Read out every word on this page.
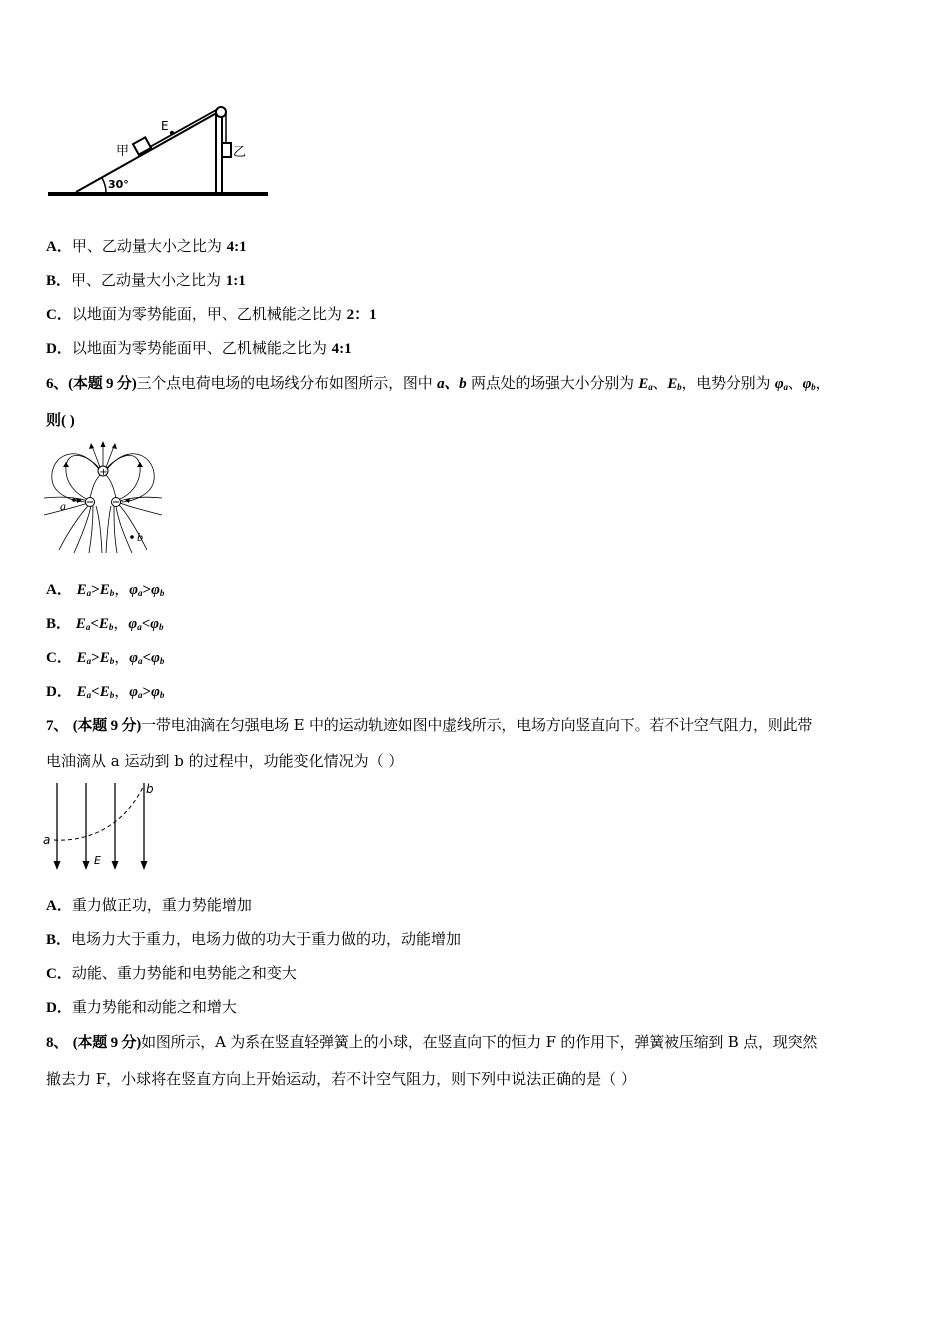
甲
E
乙
30°
A．甲、乙动量大小之比为 4:1
B．甲、乙动量大小之比为 1:1
C．以地面为零势能面，甲、乙机械能之比为 2：1
D．以地面为零势能面甲、乙机械能之比为 4:1
6、(本题 9 分)三个点电荷电场的电场线分布如图所示，图中 a、b 两点处的场强大小分别为 $E_a$、$E_b$，电势分别为 $\varphi_a$、$\varphi_b$，
则( )
+
a
b
A． $E_a>E_b$，$\varphi_a>\varphi_b$
B． $E_a<E_b$，$\varphi_a<\varphi_b$
C． $E_a>E_b$，$\varphi_a<\varphi_b$
D． $E_a<E_b$，$\varphi_a>\varphi_b$
7、 (本题 9 分)一带电油滴在匀强电场 E 中的运动轨迹如图中虚线所示，电场方向竖直向下。若不计空气阻力，则此带
电油滴从 a 运动到 b 的过程中，功能变化情况为（ ）
a
b
E
A．重力做正功，重力势能增加
B．电场力大于重力，电场力做的功大于重力做的功，动能增加
C．动能、重力势能和电势能之和变大
D．重力势能和动能之和增大
8、 (本题 9 分)如图所示，A 为系在竖直轻弹簧上的小球，在竖直向下的恒力 F 的作用下，弹簧被压缩到 B 点，现突然
撤去力 F，小球将在竖直方向上开始运动，若不计空气阻力，则下列中说法正确的是（ ）
